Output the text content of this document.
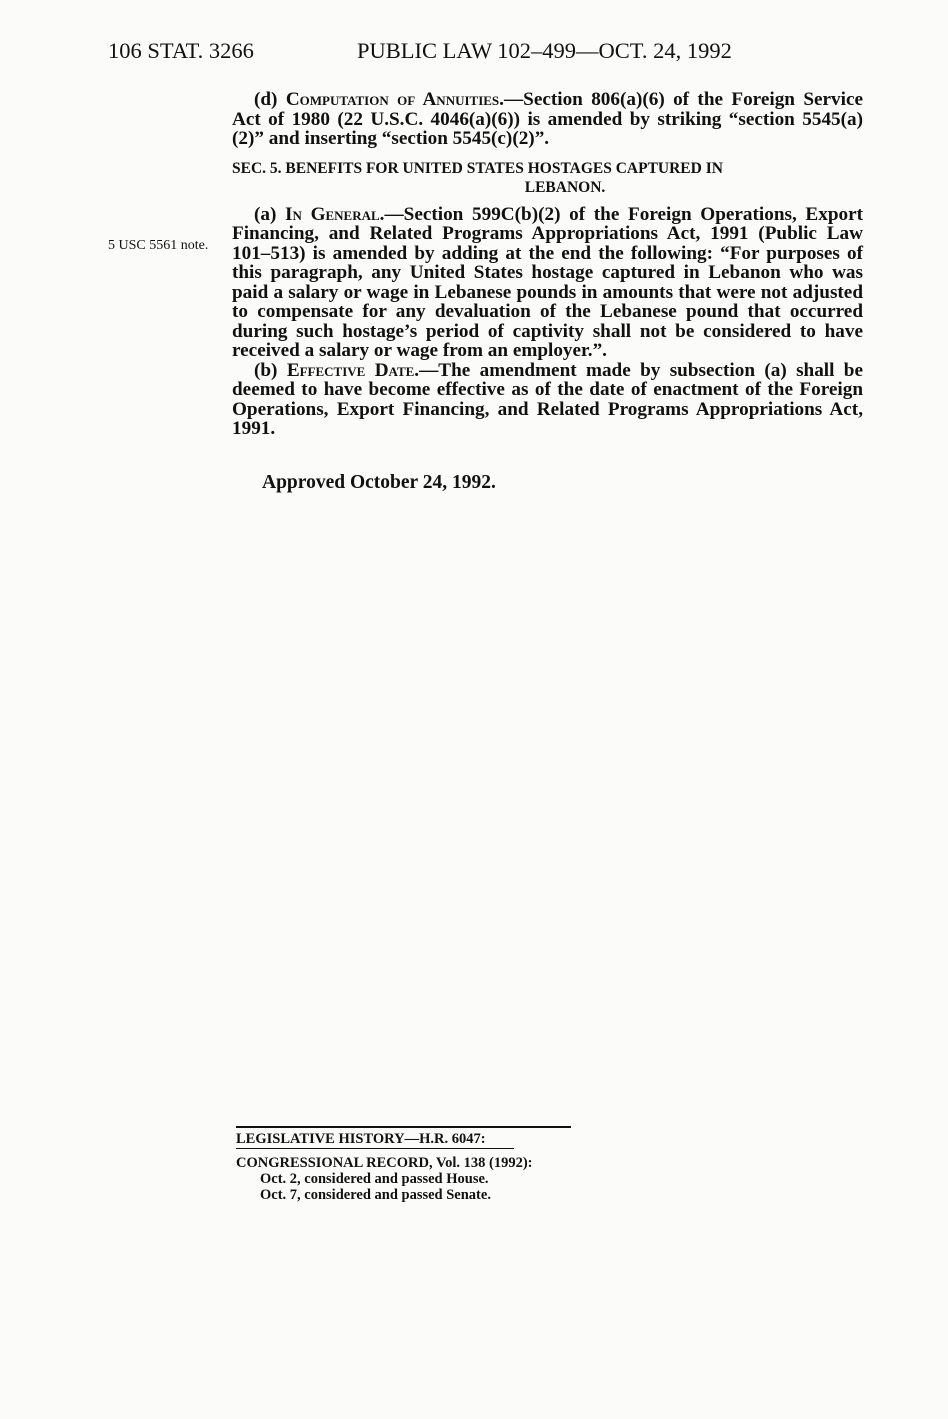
106 STAT. 3266	PUBLIC LAW 102–499—OCT. 24, 1992

(d) Computation of Annuities.—Section 806(a)(6) of the Foreign Service Act of 1980 (22 U.S.C. 4046(a)(6)) is amended by striking “section 5545(a)(2)” and inserting “section 5545(c)(2)”.

SEC. 5. BENEFITS FOR UNITED STATES HOSTAGES CAPTURED IN
LEBANON.

(a) In General.—Section 599C(b)(2) of the Foreign Operations, Export Financing, and Related Programs Appropriations Act, 1991 (Public Law 101–513) is amended by adding at the end the following: “For purposes of this paragraph, any United States hostage captured in Lebanon who was paid a salary or wage in Lebanese pounds in amounts that were not adjusted to compensate for any devaluation of the Lebanese pound that occurred during such hostage’s period of captivity shall not be considered to have received a salary or wage from an employer.”.

(b) Effective Date.—The amendment made by subsection (a) shall be deemed to have become effective as of the date of enactment of the Foreign Operations, Export Financing, and Related Programs Appropriations Act, 1991.

5 USC 5561 note.
Approved October 24, 1992.
LEGISLATIVE HISTORY—H.R. 6047:
CONGRESSIONAL RECORD, Vol. 138 (1992):
Oct. 2, considered and passed House.
Oct. 7, considered and passed Senate.
